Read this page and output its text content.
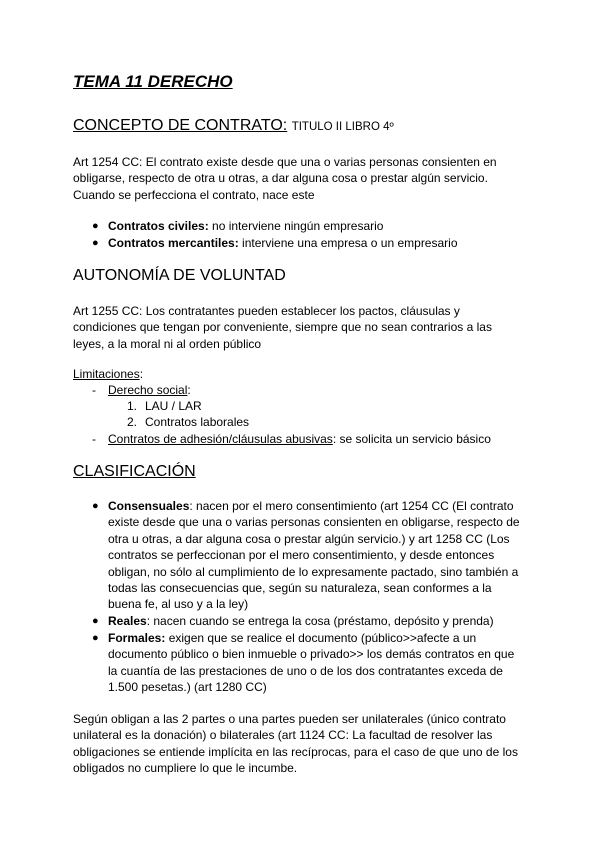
TEMA 11 DERECHO
CONCEPTO DE CONTRATO: TITULO II LIBRO 4º
Art 1254 CC: El contrato existe desde que una o varias personas consienten en
obligarse, respecto de otra u otras, a dar alguna cosa o prestar algún servicio.
Cuando se perfecciona el contrato, nace este
● Contratos civiles: no interviene ningún empresario
● Contratos mercantiles: interviene una empresa o un empresario
AUTONOMÍA DE VOLUNTAD
Art 1255 CC: Los contratantes pueden establecer los pactos, cláusulas y
condiciones que tengan por conveniente, siempre que no sean contrarios a las
leyes, a la moral ni al orden público
Limitaciones:
- Derecho social:
1. LAU / LAR
2. Contratos laborales
- Contratos de adhesión/cláusulas abusivas: se solicita un servicio básico
CLASIFICACIÓN
● Consensuales: nacen por el mero consentimiento (art 1254 CC (El contrato
existe desde que una o varias personas consienten en obligarse, respecto de
otra u otras, a dar alguna cosa o prestar algún servicio.) y art 1258 CC (Los
contratos se perfeccionan por el mero consentimiento, y desde entonces
obligan, no sólo al cumplimiento de lo expresamente pactado, sino también a
todas las consecuencias que, según su naturaleza, sean conformes a la
buena fe, al uso y a la ley)
● Reales: nacen cuando se entrega la cosa (préstamo, depósito y prenda)
● Formales: exigen que se realice el documento (público>>afecte a un
documento público o bien inmueble o privado>> los demás contratos en que
la cuantía de las prestaciones de uno o de los dos contratantes exceda de
1.500 pesetas.) (art 1280 CC)
Según obligan a las 2 partes o una partes pueden ser unilaterales (único contrato
unilateral es la donación) o bilaterales (art 1124 CC: La facultad de resolver las
obligaciones se entiende implícita en las recíprocas, para el caso de que uno de los
obligados no cumpliere lo que le incumbe.
